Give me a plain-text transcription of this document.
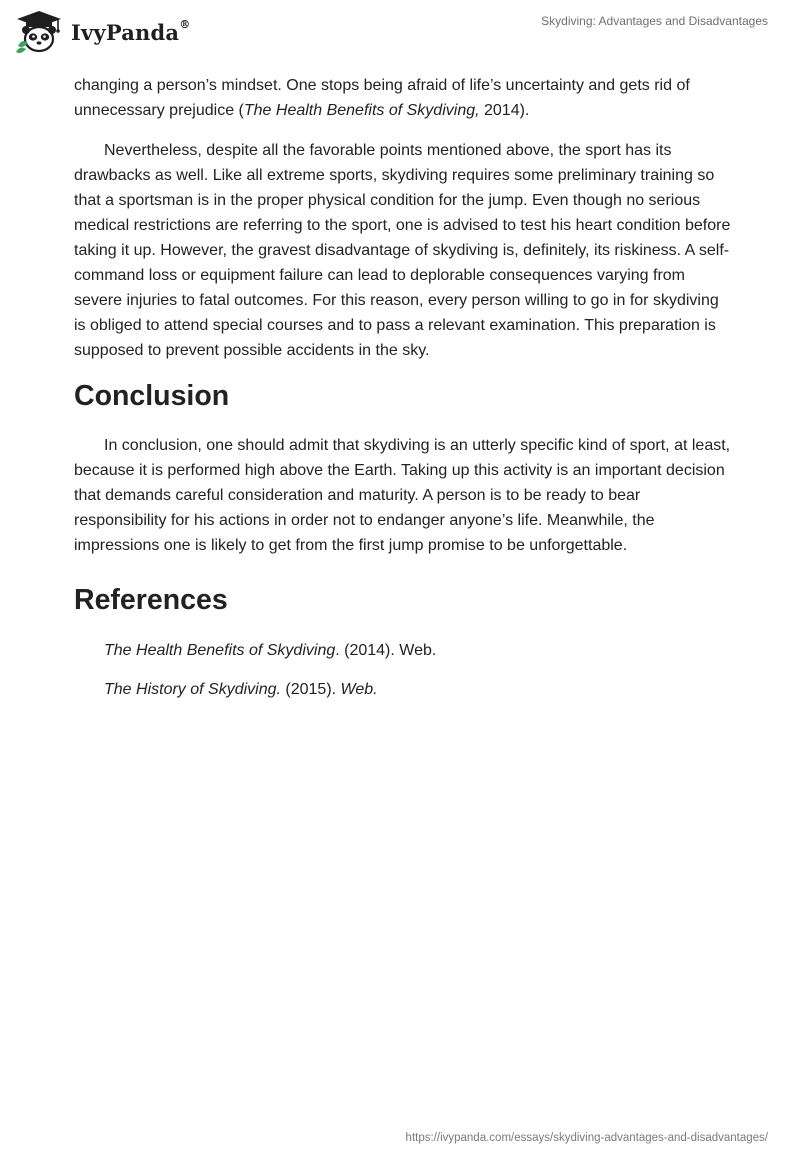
IvyPanda®	Skydiving: Advantages and Disadvantages

changing a person’s mindset. One stops being afraid of life’s uncertainty and gets rid of unnecessary prejudice (The Health Benefits of Skydiving, 2014).

Nevertheless, despite all the favorable points mentioned above, the sport has its drawbacks as well. Like all extreme sports, skydiving requires some preliminary training so that a sportsman is in the proper physical condition for the jump. Even though no serious medical restrictions are referring to the sport, one is advised to test his heart condition before taking it up. However, the gravest disadvantage of skydiving is, definitely, its riskiness. A self-command loss or equipment failure can lead to deplorable consequences varying from severe injuries to fatal outcomes. For this reason, every person willing to go in for skydiving is obliged to attend special courses and to pass a relevant examination. This preparation is supposed to prevent possible accidents in the sky.

Conclusion

In conclusion, one should admit that skydiving is an utterly specific kind of sport, at least, because it is performed high above the Earth. Taking up this activity is an important decision that demands careful consideration and maturity. A person is to be ready to bear responsibility for his actions in order not to endanger anyone’s life. Meanwhile, the impressions one is likely to get from the first jump promise to be unforgettable.

References
The Health Benefits of Skydiving. (2014). Web.
The History of Skydiving. (2015). Web.
https://ivypanda.com/essays/skydiving-advantages-and-disadvantages/
